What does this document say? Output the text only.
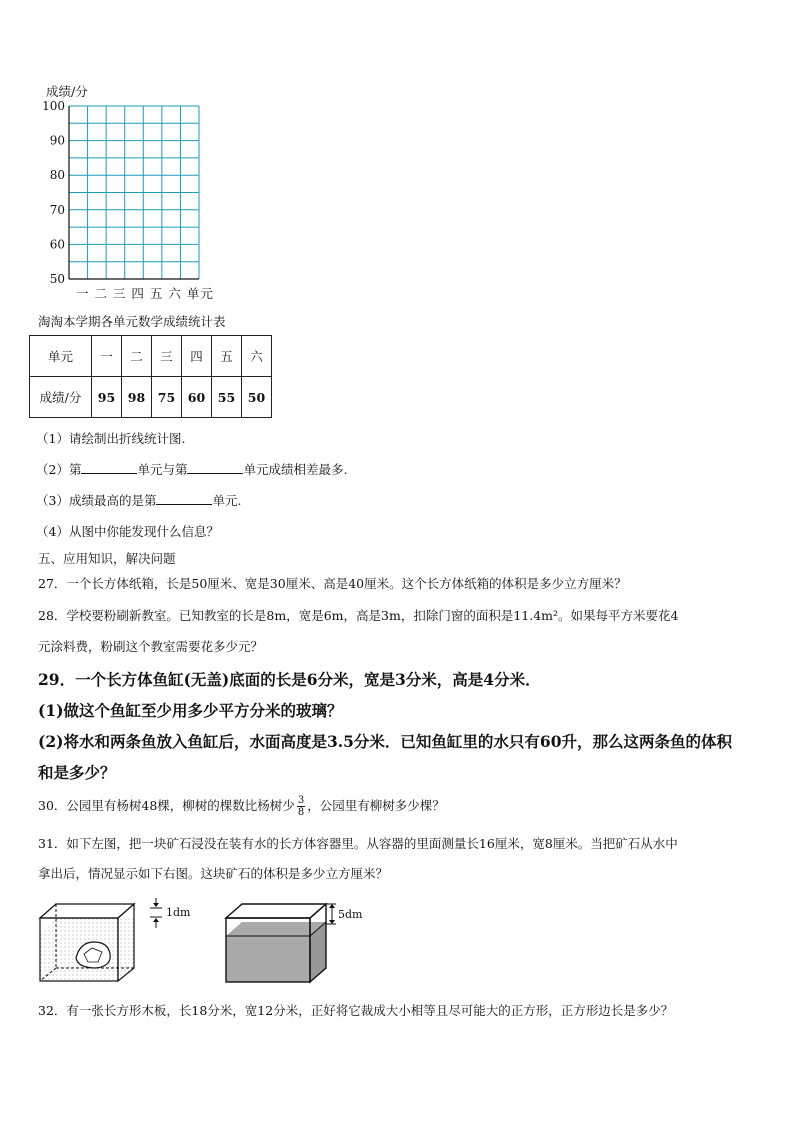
成绩/分
100
90
80
70
60
50
一 二 三 四 五 六 单元
淘淘本学期各单元数学成绩统计表
单元	一	二	三	四	五	六
成绩/分	95	98	75	60	55	50
（1）请绘制出折线统计图.
（2）第	单元与第	单元成绩相差最多.
（3）成绩最高的是第	单元.
（4）从图中你能发现什么信息？
五、应用知识，解决问题
27．一个长方体纸箱，长是50厘米、宽是30厘米、高是40厘米。这个长方体纸箱的体积是多少立方厘米？
28．学校要粉刷新教室。已知教室的长是8m，宽是6m，高是3m，扣除门窗的面积是11.4m²。如果每平方米要花4
元涂料费，粉刷这个教室需要花多少元？
29．一个长方体鱼缸(无盖)底面的长是6分米，宽是3分米，高是4分米．
(1)做这个鱼缸至少用多少平方分米的玻璃？
(2)将水和两条鱼放入鱼缸后，水面高度是3.5分米．已知鱼缸里的水只有60升，那么这两条鱼的体积
和是多少？
30．公园里有杨树48棵，柳树的棵数比杨树少 $\frac{3}{8}$ ，公园里有柳树多少棵？
31．如下左图，把一块矿石浸没在装有水的长方体容器里。从容器的里面测量长16厘米，宽8厘米。当把矿石从水中
拿出后，情况显示如下右图。这块矿石的体积是多少立方厘米？
1dm	5dm
32．有一张长方形木板，长18分米，宽12分米，正好将它裁成大小相等且尽可能大的正方形，正方形边长是多少？
